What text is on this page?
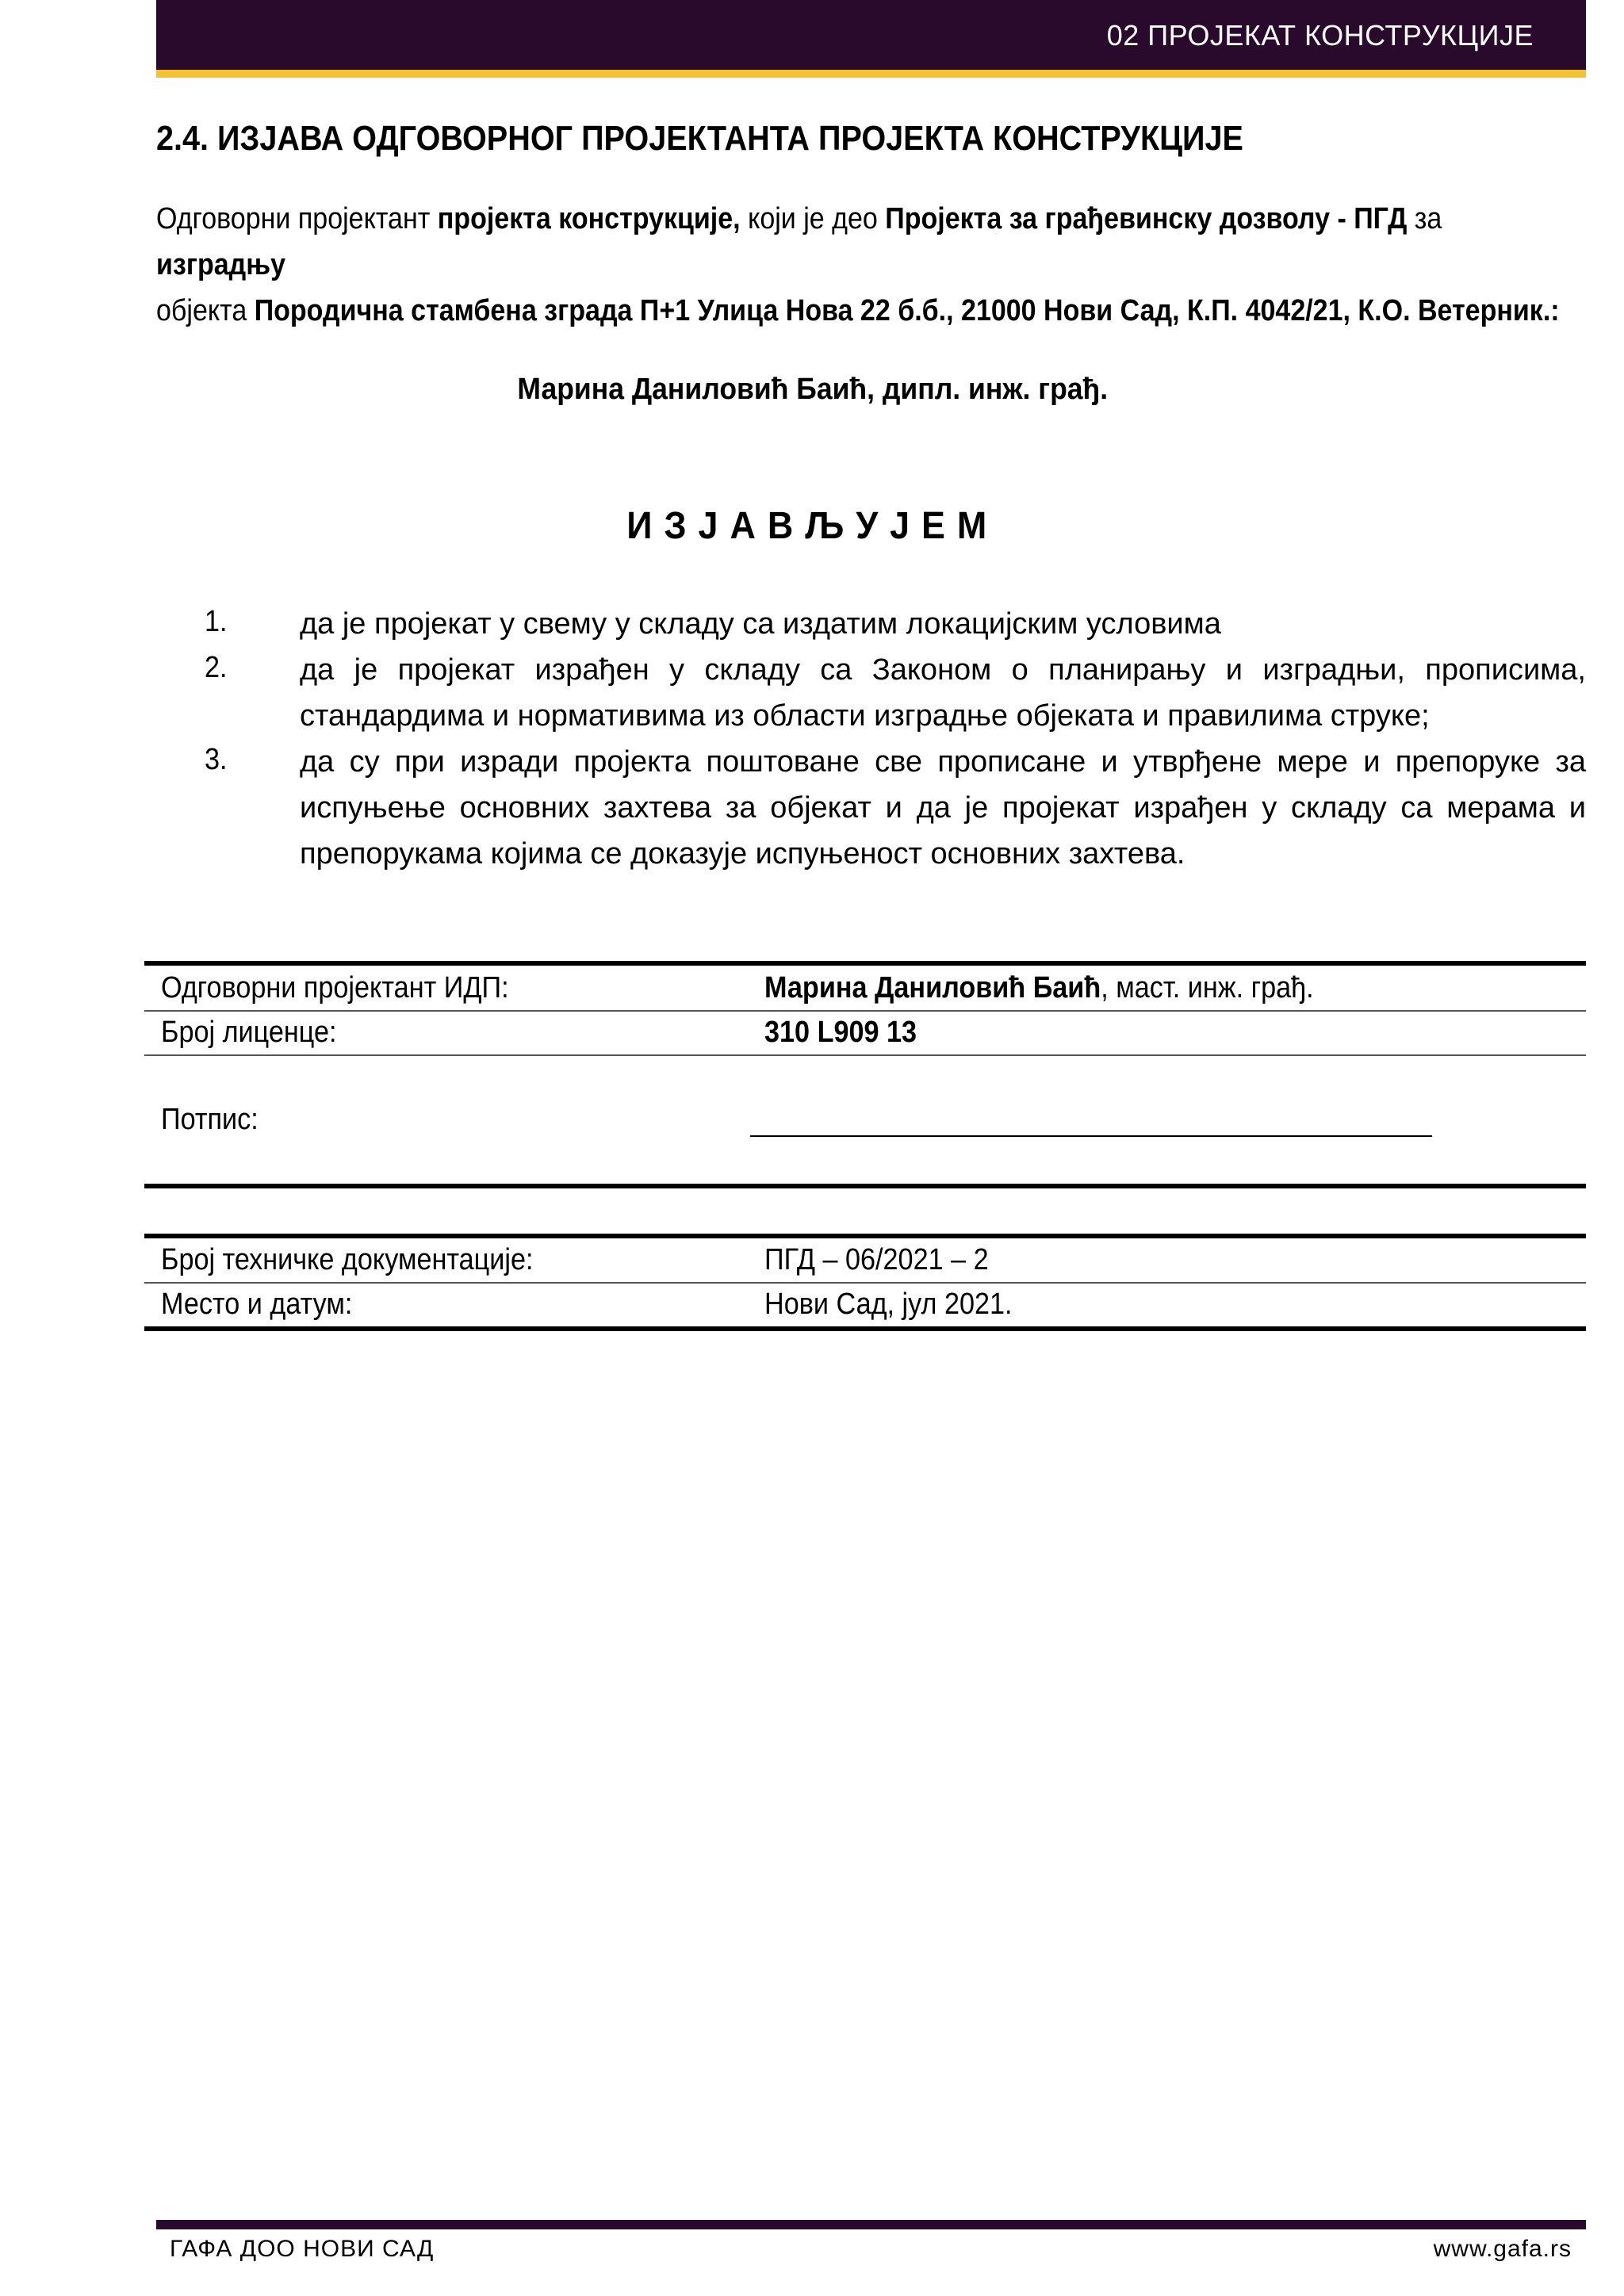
02 ПРОЈЕКАТ КОНСТРУКЦИЈЕ
2.4. ИЗЈАВА ОДГОВОРНОГ ПРОЈЕКТАНТА ПРОЈЕКТА КОНСТРУКЦИЈЕ
Одговорни пројектант пројекта конструкције, који је део Пројекта за грађевинску дозволу - ПГД за изградњу
објекта Породична стамбена зграда П+1 Улица Нова 22 б.б., 21000 Нови Сад, К.П. 4042/21, К.О. Ветерник.:
Марина Даниловић Баић, дипл. инж. грађ.
ИЗЈАВЉУЈЕМ
1. да је пројекат у свему у складу са издатим локацијским условима
2. да је пројекат израђен у складу са Законом о планирању и изградњи, прописима, стандардима и нормативима из области изградње објеката и правилима струке;
3. да су при изради пројекта поштоване све прописане и утврђене мере и препоруке за испуњење основних захтева за објекат и да је пројекат израђен у складу са мерама и препорукама којима се доказује испуњеност основних захтева.
Одговорни пројектант ИДП:	Марина Даниловић Баић, маст. инж. грађ.
Број лиценце:	310 L909 13
Потпис:
Број техничке документације:	ПГД – 06/2021 – 2
Место и датум:	Нови Сад, јул 2021.
ГАФА ДОО НОВИ САД	www.gafa.rs
